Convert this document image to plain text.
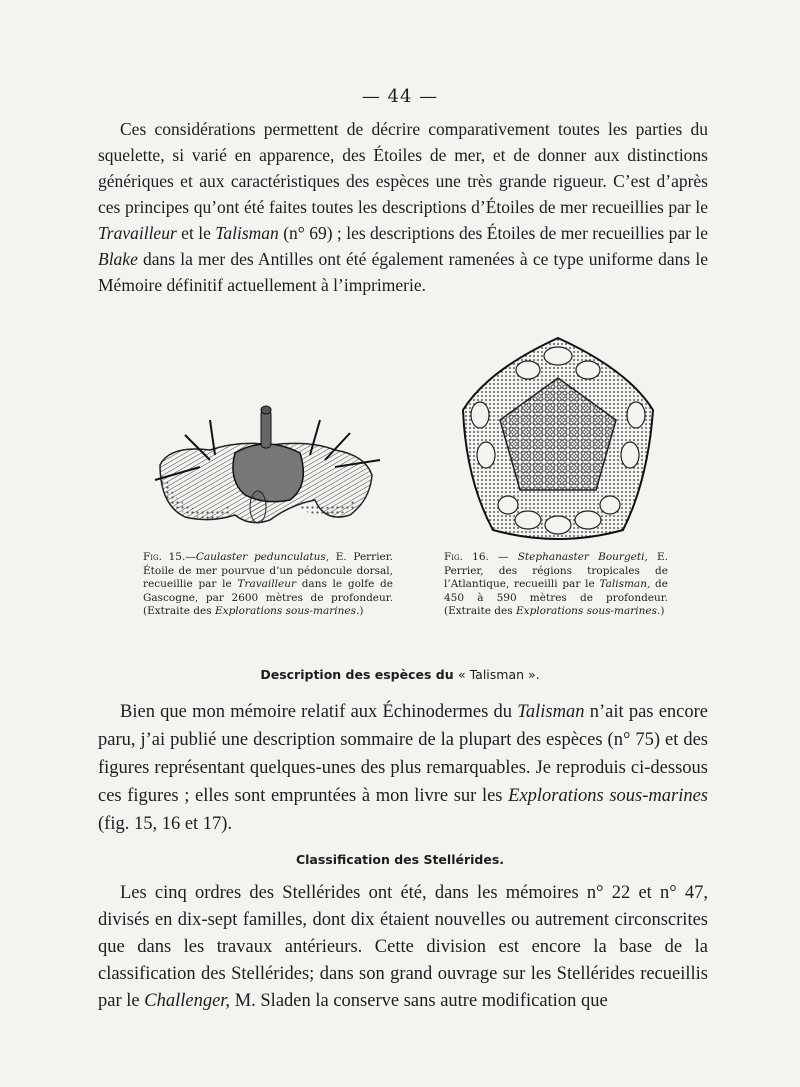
— 44 —

Ces considérations permettent de décrire comparativement toutes les parties du squelette, si varié en apparence, des Étoiles de mer, et de donner aux distinctions génériques et aux caractéristiques des espèces une très grande rigueur. C’est d’après ces principes qu’ont été faites toutes les descriptions d’Étoiles de mer recueillies par le Travailleur et le Talisman (n° 69) ; les descriptions des Étoiles de mer recueillies par le Blake dans la mer des Antilles ont été également ramenées à ce type uniforme dans le Mémoire définitif actuellement à l’imprimerie.

Fig. 15.—Caulaster pedunculatus, E. Perrier. Étoile de mer pourvue d’un pédoncule dorsal, recueillie par le Travailleur dans le golfe de Gascogne, par 2600 mètres de profondeur. (Extraite des Explorations sous-marines.)
Fig. 16. — Stephanaster Bourgeti, E. Perrier, des régions tropicales de l’Atlantique, recueilli par le Talisman, de 450 à 590 mètres de profondeur. (Extraite des Explorations sous-marines.)
Description des espèces du « Talisman ».

Bien que mon mémoire relatif aux Échinodermes du Talisman n’ait pas encore paru, j’ai publié une description sommaire de la plupart des espèces (n° 75) et des figures représentant quelques-unes des plus remarquables. Je reproduis ci-dessous ces figures ; elles sont empruntées à mon livre sur les Explorations sous-marines (fig. 15, 16 et 17).

Classification des Stellérides.

Les cinq ordres des Stellérides ont été, dans les mémoires n° 22 et n° 47, divisés en dix-sept familles, dont dix étaient nouvelles ou autrement circonscrites que dans les travaux antérieurs. Cette division est encore la base de la classification des Stellérides; dans son grand ouvrage sur les Stellérides recueillis par le Challenger, M. Sladen la conserve sans autre modification que
